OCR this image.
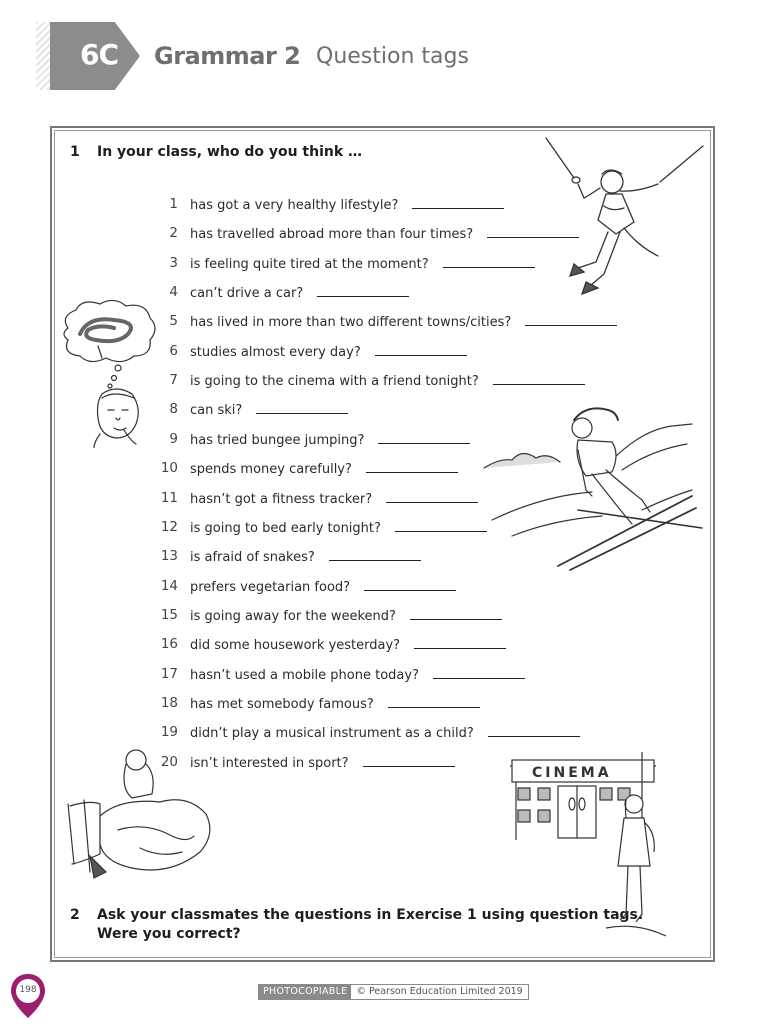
6C Grammar 2 Question tags
1 In your class, who do you think …
1 has got a very healthy lifestyle?
2 has travelled abroad more than four times?
3 is feeling quite tired at the moment?
4 can’t drive a car?
5 has lived in more than two different towns/cities?
6 studies almost every day?
7 is going to the cinema with a friend tonight?
8 can ski?
9 has tried bungee jumping?
10 spends money carefully?
11 hasn’t got a fitness tracker?
12 is going to bed early tonight?
13 is afraid of snakes?
14 prefers vegetarian food?
15 is going away for the weekend?
16 did some housework yesterday?
17 hasn’t used a mobile phone today?
18 has met somebody famous?
19 didn’t play a musical instrument as a child?
20 isn’t interested in sport?
2 Ask your classmates the questions in Exercise 1 using question tags.
Were you correct?
CINEMA
PHOTOCOPIABLE © Pearson Education Limited 2019
198
